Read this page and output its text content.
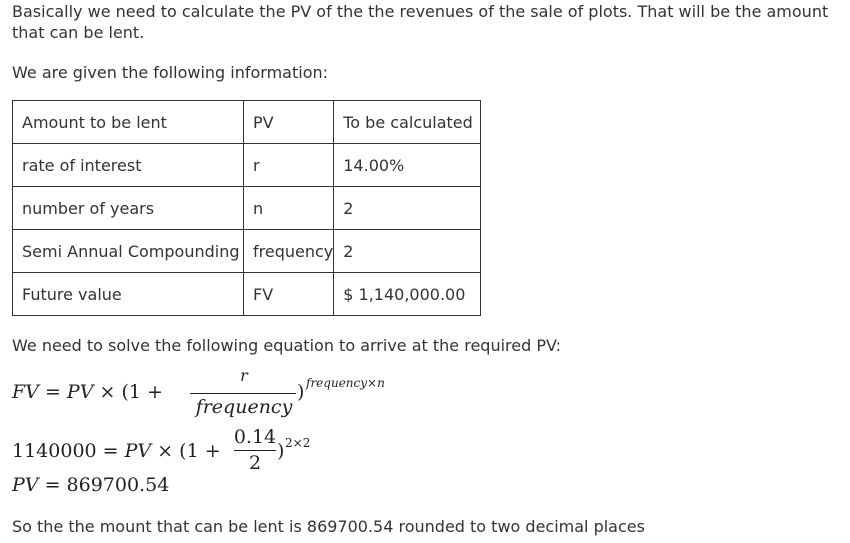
Basically we need to calculate the PV of the the revenues of the sale of plots. That will be the amount that can be lent.

We are given the following information:

Amount to be lent	PV	To be calculated
rate of interest	r	14.00%
number of years	n	2
Semi Annual Compounding	frequency	2
Future value	FV	$ 1,140,000.00

We need to solve the following equation to arrive at the required PV:

FV = PV × (1 +
r
frequency
) frequency×n
1140000 = PV × (1 +
0.14
2
) 2×2
PV = 869700.54

So the the mount that can be lent is 869700.54 rounded to two decimal places
